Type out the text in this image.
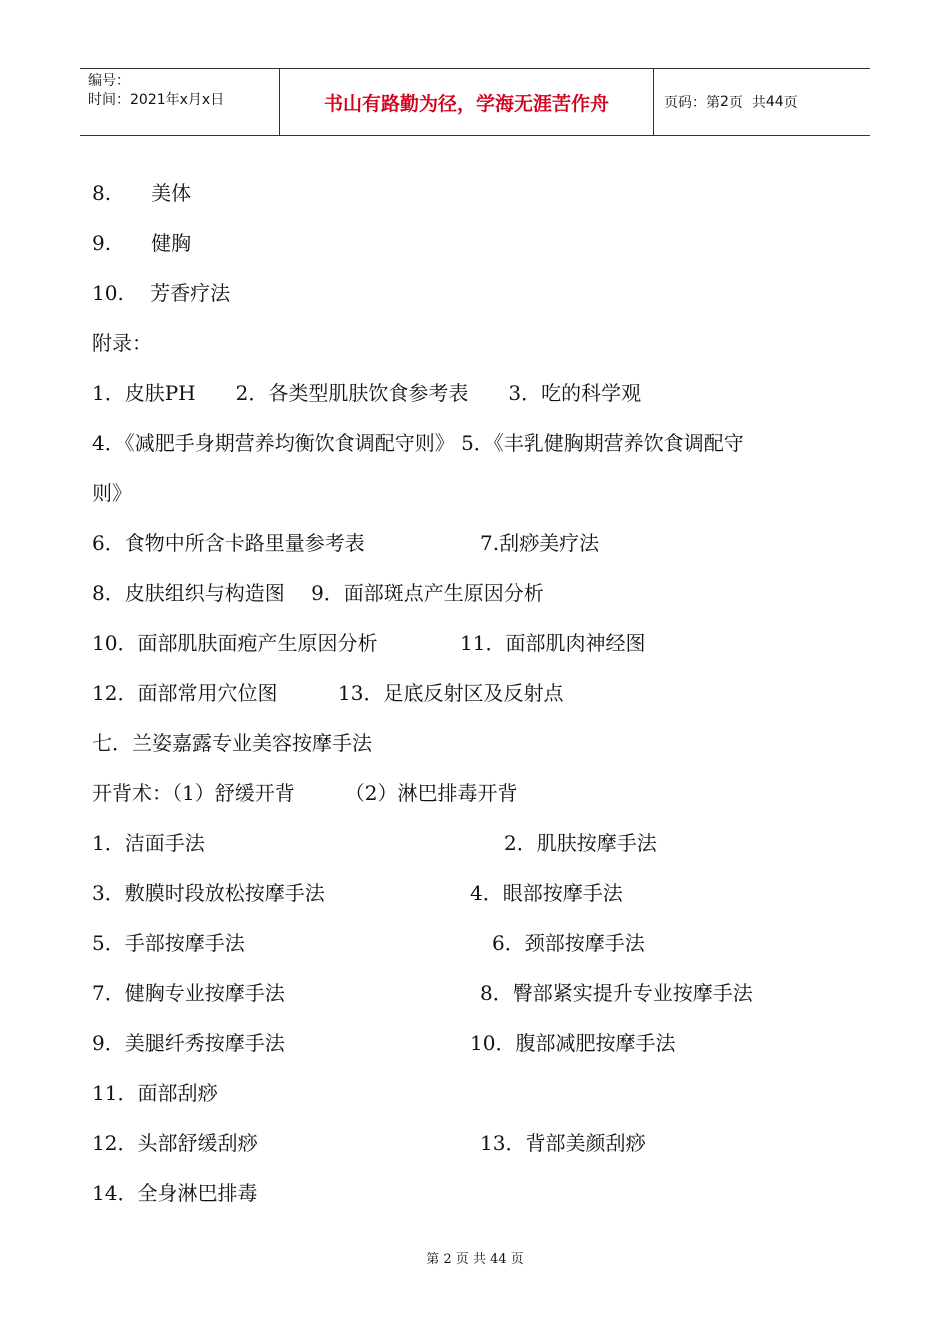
编号：
时间：2021年x月x日	书山有路勤为径，学海无涯苦作舟	页码：第 2 页  共 44 页
8.　　美体
9.　　健胸
10.　 芳香疗法
附录：
1．皮肤PH　　2．各类型肌肤饮食参考表　　3．吃的科学观
4．《减肥手身期营养均衡饮食调配守则》 5．《丰乳健胸期营养饮食调配守
则》
6．食物中所含卡路里量参考表	7.刮痧美疗法
8．皮肤组织与构造图　 9．面部斑点产生原因分析
10．面部肌肤面疱产生原因分析	11．面部肌肉神经图
12．面部常用穴位图	13．足底反射区及反射点
七．兰姿嘉露专业美容按摩手法
开背术：（1）舒缓开背　　　（2）淋巴排毒开背
1．洁面手法	2．肌肤按摩手法
3．敷膜时段放松按摩手法	4．眼部按摩手法
5．手部按摩手法	6．颈部按摩手法
7．健胸专业按摩手法	8．臀部紧实提升专业按摩手法
9．美腿纤秀按摩手法	10．腹部减肥按摩手法
11．面部刮痧
12．头部舒缓刮痧	13．背部美颜刮痧
14．全身淋巴排毒
第 2 页 共 44 页
